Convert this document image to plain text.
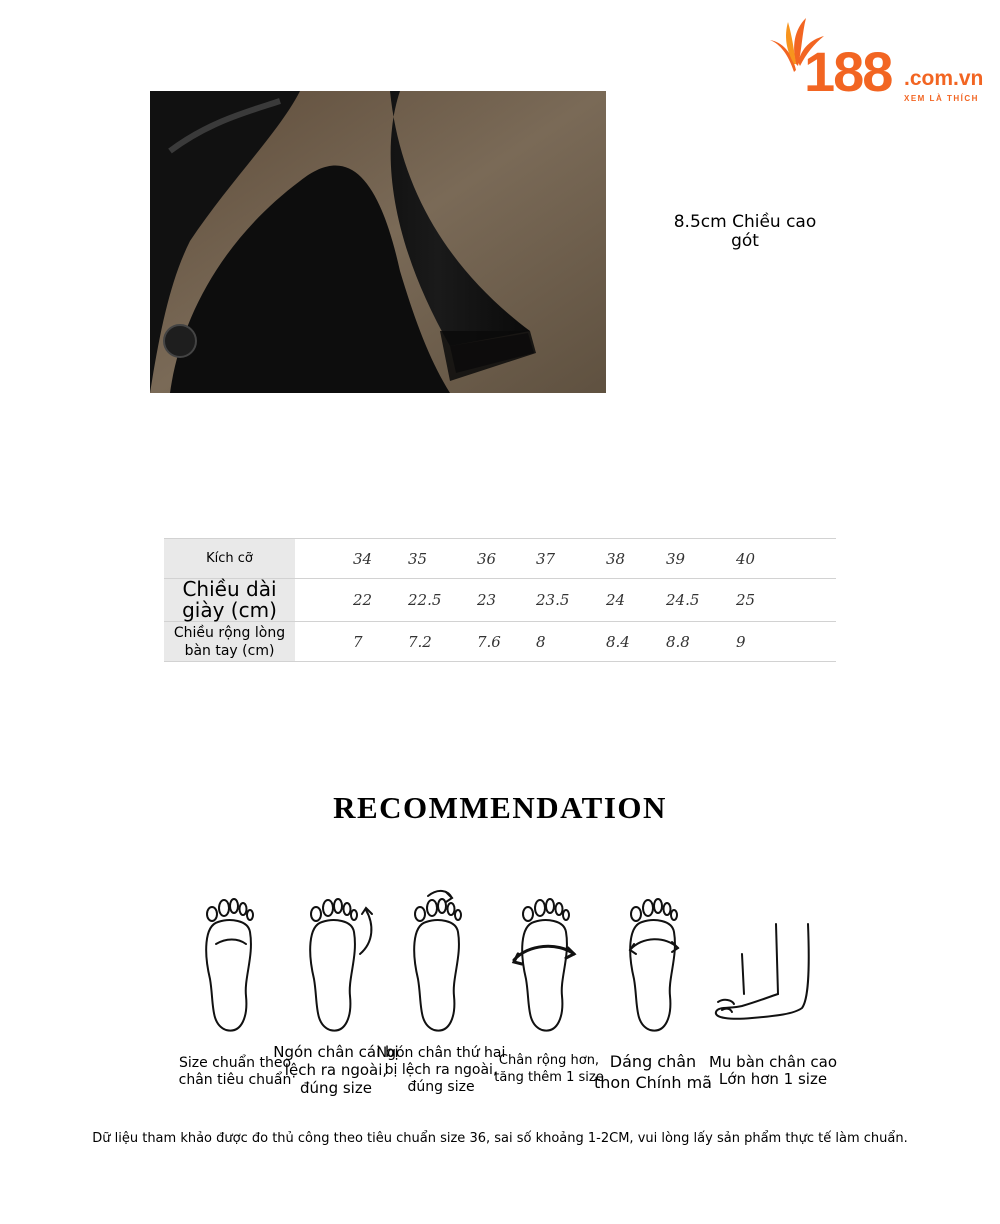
188 .com.vn
XEM LÀ THÍCH
8.5cm Chiều cao gót
Kích cỡ		34	35	36	37	38	39	40

Chiều dài giày (cm)		22	22.5	23	23.5	24	24.5	25

Chiều rộng lòng bàn tay (cm)		7	7.2	7.6	8	8.4	8.8	9
RECOMMENDATION
Size chuẩn theo chân tiêu chuẩn
Ngón chân cái bị lệch ra ngoài, đúng size
Ngón chân thứ hai bị lệch ra ngoài, đúng size
Chân rộng hơn, tăng thêm 1 size
Dáng chân thon Chính mã
Mu bàn chân cao Lớn hơn 1 size
Dữ liệu tham khảo được đo thủ công theo tiêu chuẩn size 36, sai số khoảng 1-2CM, vui lòng lấy sản phẩm thực tế làm chuẩn.
